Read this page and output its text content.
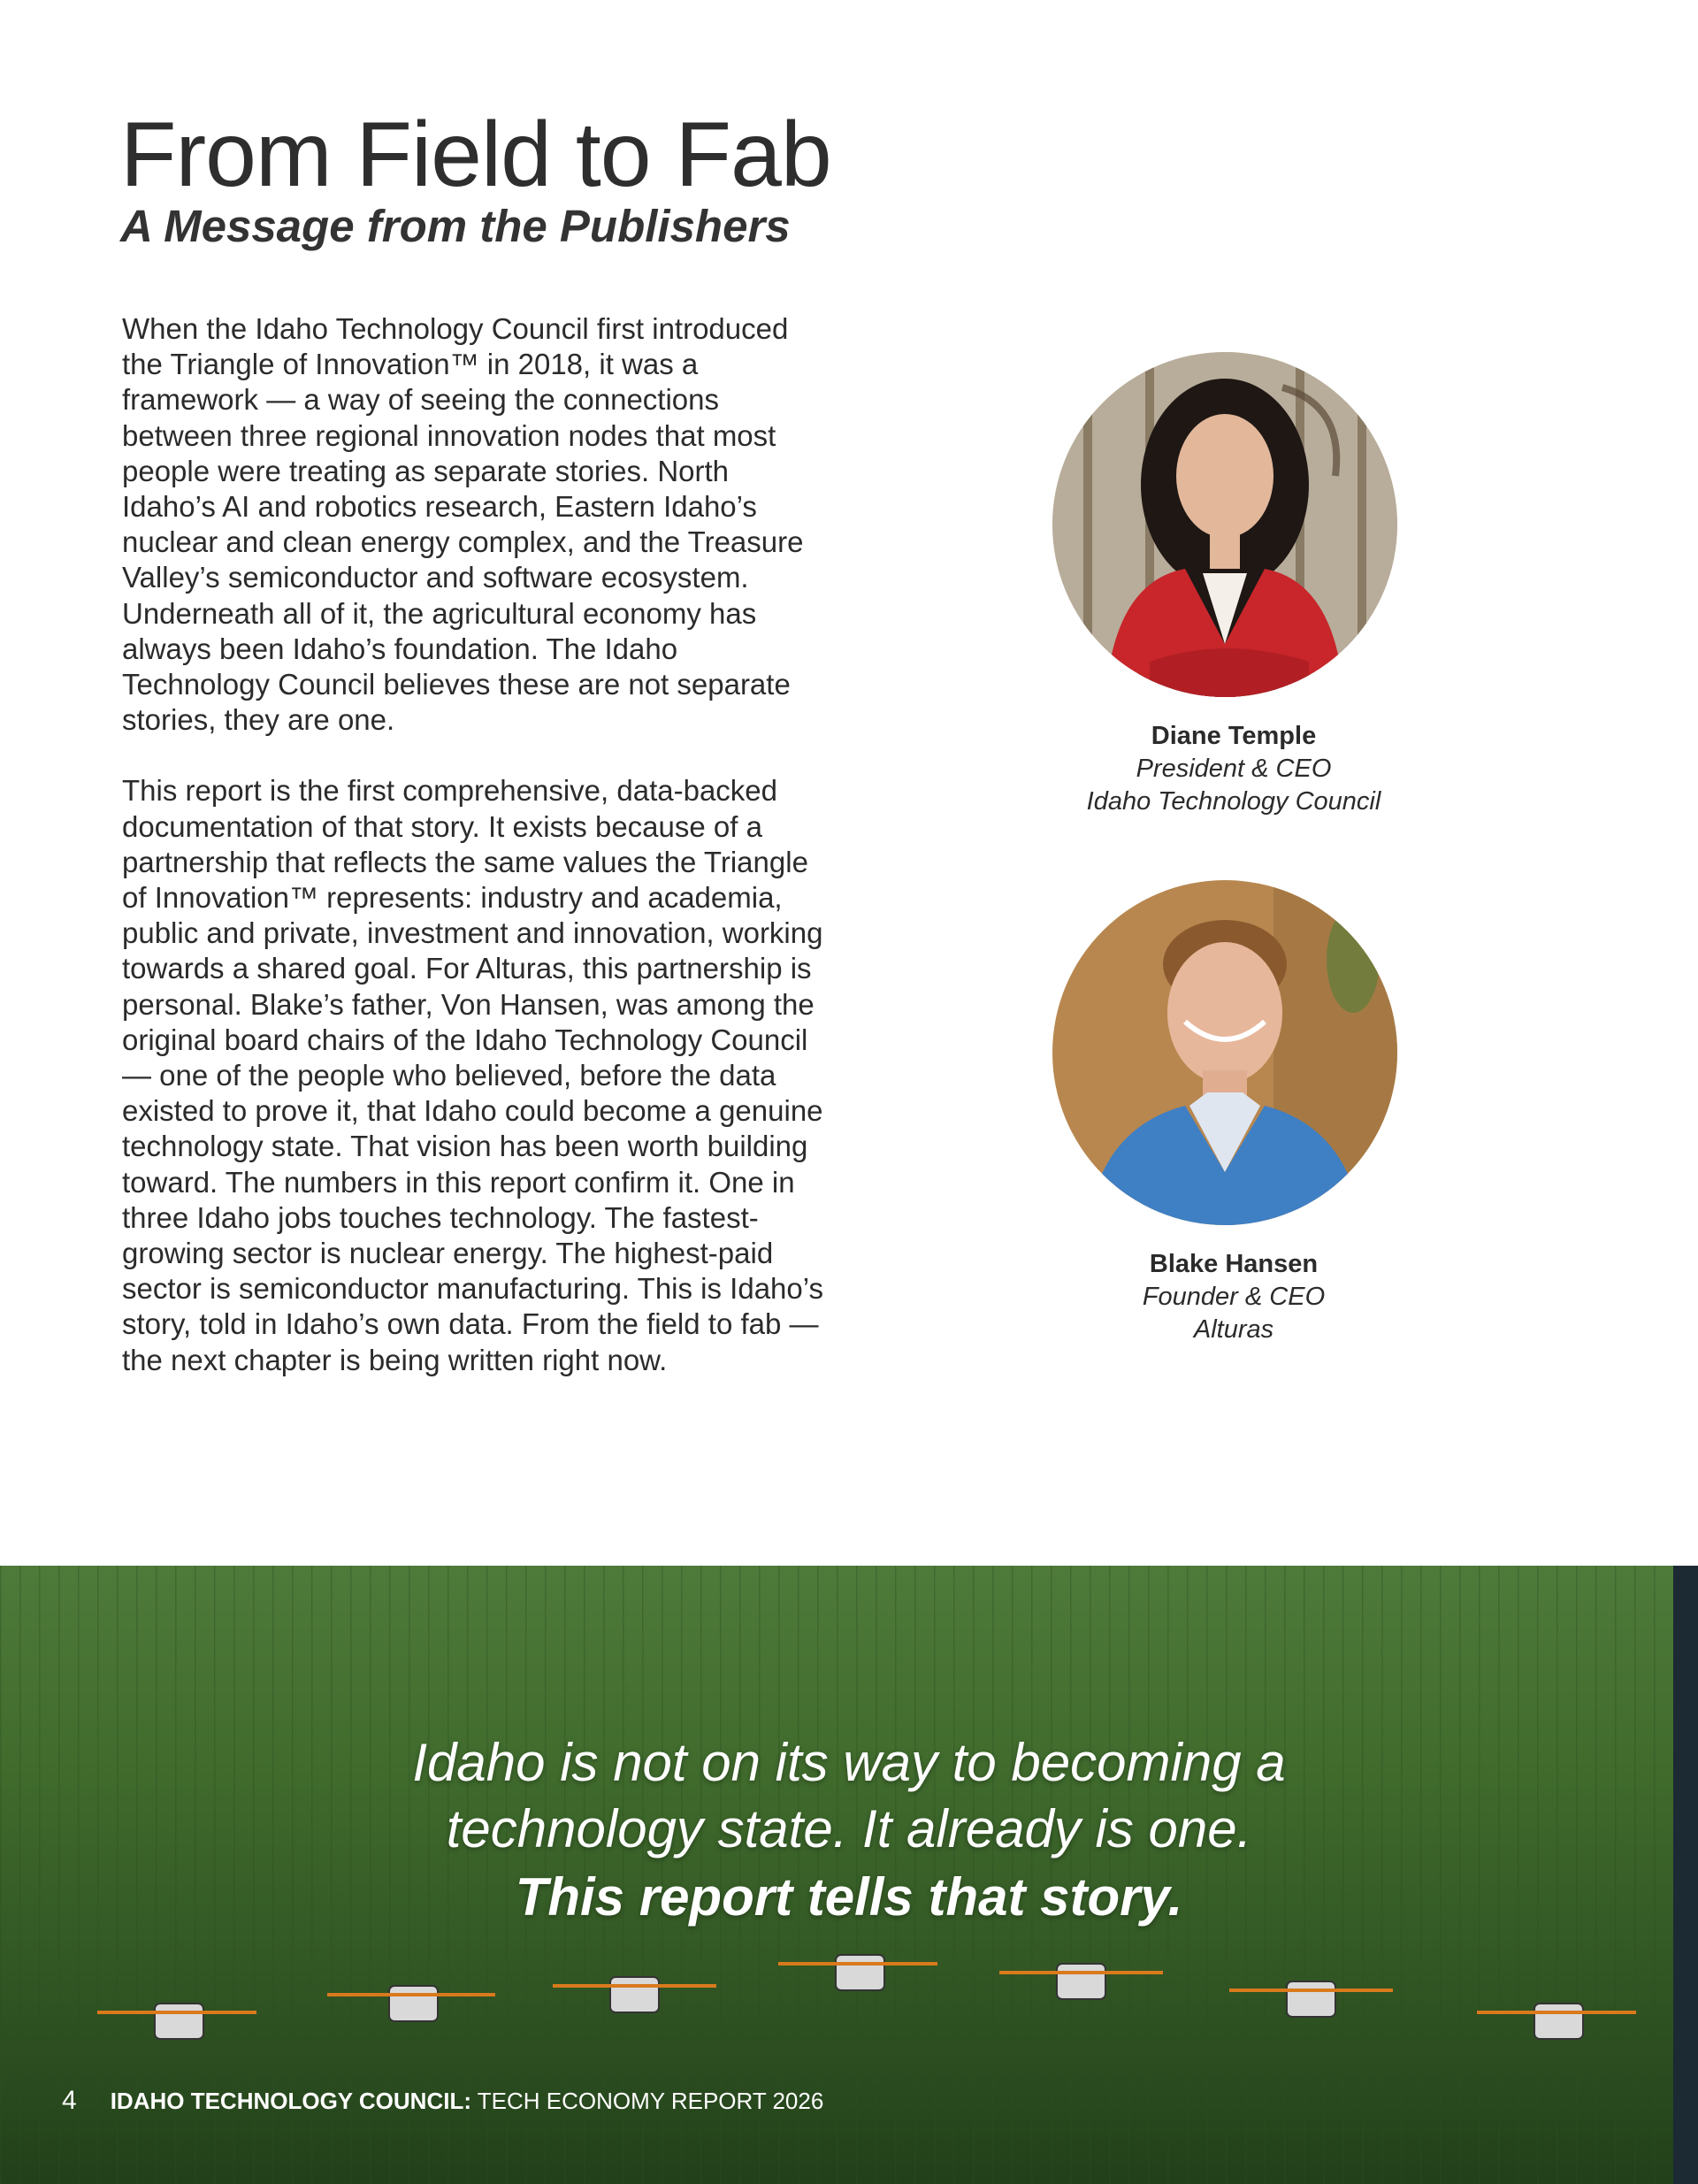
From Field to Fab
A Message from the Publishers

When the Idaho Technology Council first introduced the Triangle of Innovation™ in 2018, it was a framework — a way of seeing the connections between three regional innovation nodes that most people were treating as separate stories. North Idaho’s AI and robotics research, Eastern Idaho’s nuclear and clean energy complex, and the Treasure Valley’s semiconductor and software ecosystem. Underneath all of it, the agricultural economy has always been Idaho’s foundation. The Idaho Technology Council believes these are not separate stories, they are one.

This report is the first comprehensive, data-backed documentation of that story. It exists because of a partnership that reflects the same values the Triangle of Innovation™ represents: industry and academia, public and private, investment and innovation, working towards a shared goal. For Alturas, this partnership is personal. Blake’s father, Von Hansen, was among the original board chairs of the Idaho Technology Council — one of the people who believed, before the data existed to prove it, that Idaho could become a genuine technology state. That vision has been worth building toward. The numbers in this report confirm it. One in three Idaho jobs touches technology. The fastest-growing sector is nuclear energy. The highest-paid sector is semiconductor manufacturing. This is Idaho’s story, told in Idaho’s own data. From the field to fab — the next chapter is being written right now.

Diane Temple
President & CEO
Idaho Technology Council
Blake Hansen
Founder & CEO
Alturas
Idaho is not on its way to becoming a
technology state. It already is one.
This report tells that story.
4 IDAHO TECHNOLOGY COUNCIL: TECH ECONOMY REPORT 2026
